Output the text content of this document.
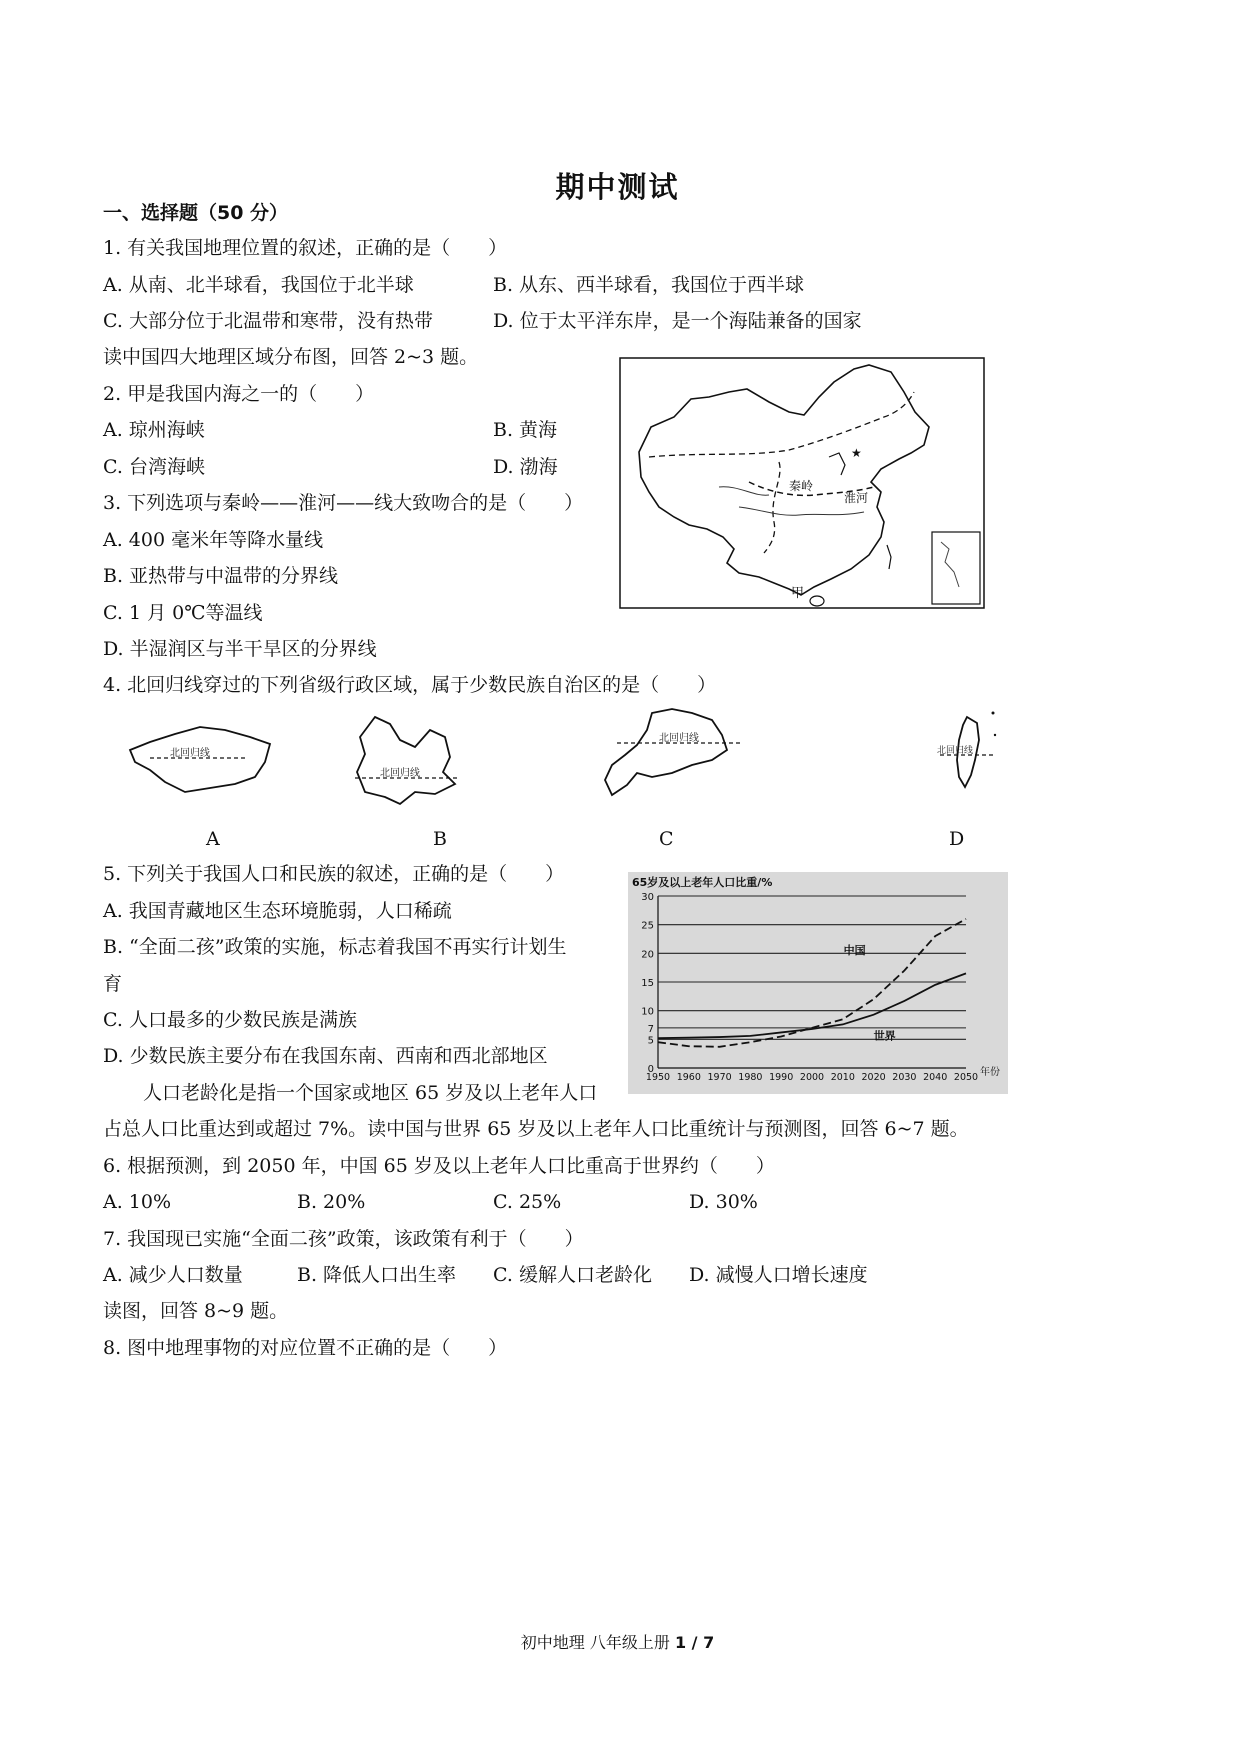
期中测试
一、选择题（50 分）
1. 有关我国地理位置的叙述，正确的是（　　）
A. 从南、北半球看，我国位于北半球	B. 从东、西半球看，我国位于西半球
C. 大部分位于北温带和寒带，没有热带	D. 位于太平洋东岸，是一个海陆兼备的国家
读中国四大地理区域分布图，回答 2~3 题。
2. 甲是我国内海之一的（　　）
A. 琼州海峡	B. 黄海
C. 台湾海峡	D. 渤海
3. 下列选项与秦岭——淮河——线大致吻合的是（　　）
A. 400 毫米年等降水量线
B. 亚热带与中温带的分界线
C. 1 月 0℃等温线
D. 半湿润区与半干旱区的分界线
★
秦岭
淮河
甲
4. 北回归线穿过的下列省级行政区域，属于少数民族自治区的是（　　）
北回归线
北回归线
北回归线
北回归线
A	B	C	D
5. 下列关于我国人口和民族的叙述，正确的是（　　）
A. 我国青藏地区生态环境脆弱，人口稀疏
B. “全面二孩”政策的实施，标志着我国不再实行计划生
育
C. 人口最多的少数民族是满族
D. 少数民族主要分布在我国东南、西南和西北部地区
人口老龄化是指一个国家或地区 65 岁及以上老年人口
占总人口比重达到或超过 7%。读中国与世界 65 岁及以上老年人口比重统计与预测图，回答 6~7 题。
65岁及以上老年人口比重/%
年份
0
5
7
10
15
20
25
30
1950 1960 1970 1980 1990 2000 2010 2020 2030 2040 2050
中国
世界
6. 根据预测，到 2050 年，中国 65 岁及以上老年人口比重高于世界约（　　）
A. 10%	B. 20%	C. 25%	D. 30%
7. 我国现已实施“全面二孩”政策，该政策有利于（　　）
A. 减少人口数量	B. 降低人口出生率 C. 缓解人口老龄化 D. 减慢人口增长速度
读图，回答 8~9 题。
8. 图中地理事物的对应位置不正确的是（　　）
初中地理 八年级上册 1 / 7
